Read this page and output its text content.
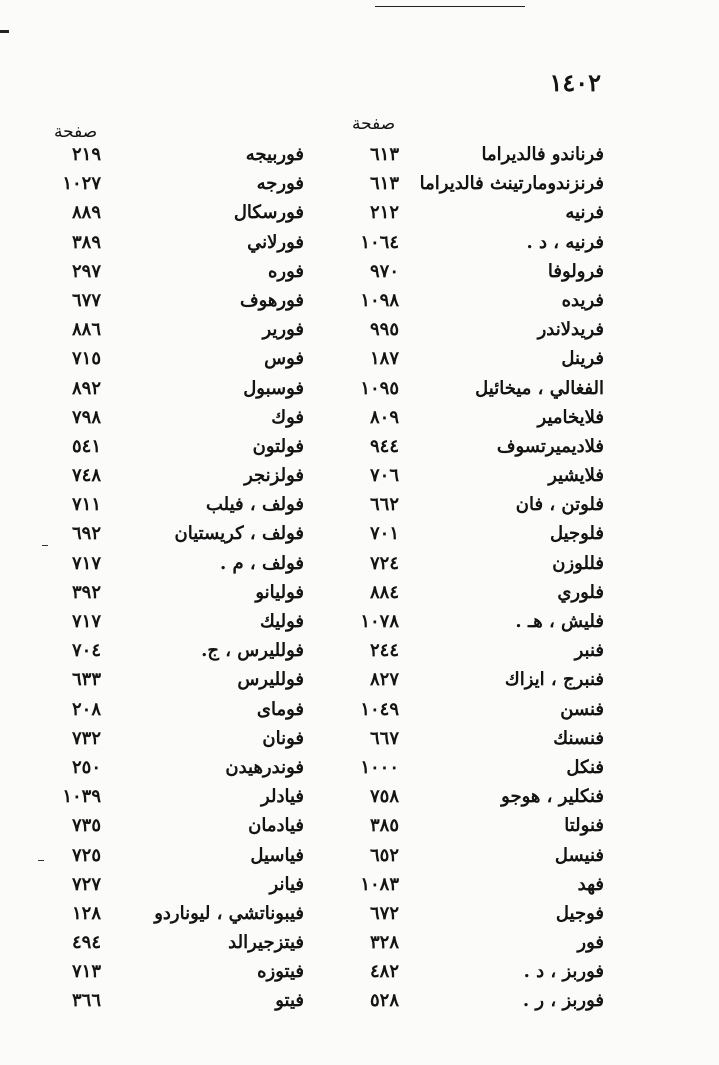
١٤٠٢
صفحة
صفحة
فرناندو فالديراما
٦١٣
فوربيجه
٢١٩
فرنزندومارتينث فالديراما
٦١٣
فورجه
١٠٢٧
فرنيه
٢١٢
فورسكال
٨٨٩
فرنيه ، د .
١٠٦٤
فورلاني
٣٨٩
فرولوفا
٩٧٠
فوره
٢٩٧
فريده
١٠٩٨
فورهوف
٦٧٧
فريدلاندر
٩٩٥
فورير
٨٨٦
فرينل
١٨٧
فوس
٧١٥
الفغالي ، ميخائيل
١٠٩٥
فوسبول
٨٩٢
فلايخامير
٨٠٩
فوك
٧٩٨
فلاديميرتسوف
٩٤٤
فولتون
٥٤١
فلايشير
٧٠٦
فولزنجر
٧٤٨
فلوتن ، فان
٦٦٢
فولف ، فيلب
٧١١
فلوجيل
٧٠١
فولف ، كريستيان
٦٩٢
فللوزن
٧٢٤
فولف ، م .
٧١٧
فلوري
٨٨٤
فوليانو
٣٩٢
فليش ، هـ .
١٠٧٨
فوليك
٧١٧
فنبر
٢٤٤
فولليرس ، ج.
٧٠٤
فنبرج ، ايزاك
٨٢٧
فولليرس
٦٣٣
فنسن
١٠٤٩
فوماى
٢٠٨
فنسنك
٦٦٧
فونان
٧٣٢
فنكل
١٠٠٠
فوندرهيدن
٢٥٠
فنكلير ، هوجو
٧٥٨
فيادلر
١٠٣٩
فنولتا
٣٨٥
فيادمان
٧٣٥
فنيسل
٦٥٢
فياسيل
٧٢٥
فهد
١٠٨٣
فيانر
٧٢٧
فوجيل
٦٧٢
فيبوناتشي ، ليوناردو
١٢٨
فور
٣٢٨
فيتزجيرالد
٤٩٤
فوربز ، د .
٤٨٢
فيتوزه
٧١٣
فوربز ، ر .
٥٢٨
فيتو
٣٦٦
